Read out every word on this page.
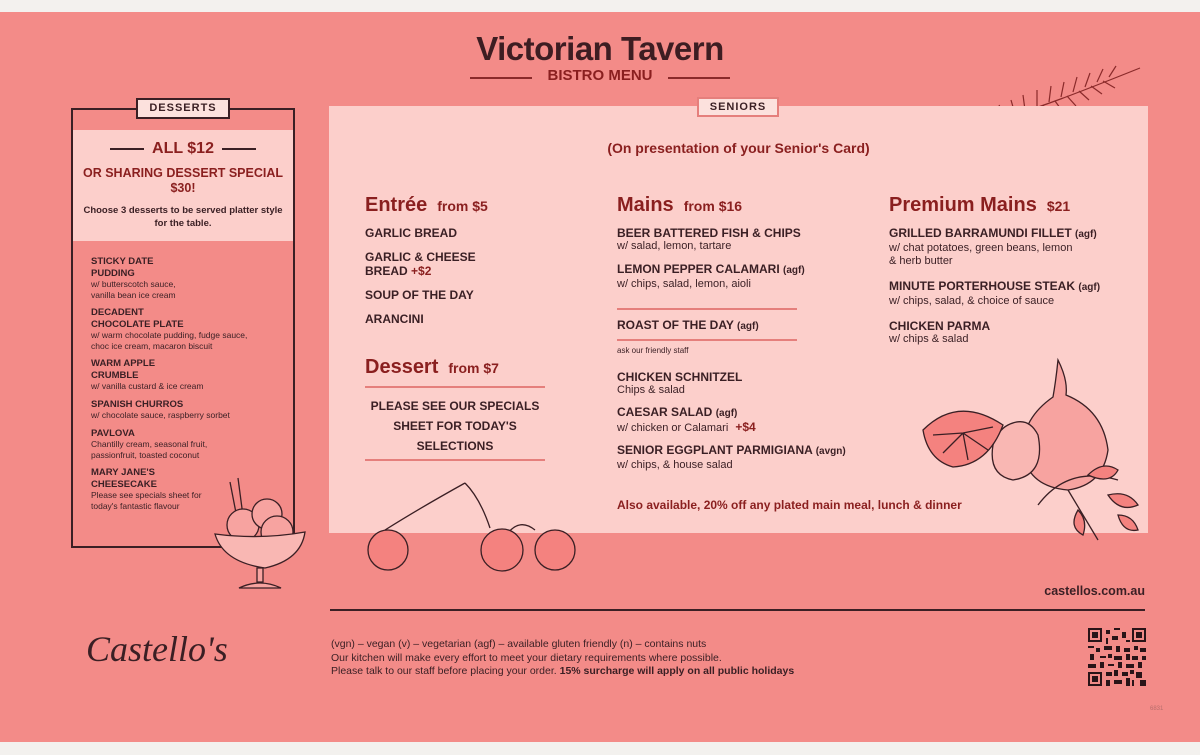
Victorian Tavern
BISTRO MENU
DESSERTS
ALL $12
OR SHARING DESSERT SPECIAL $30!
Choose 3 desserts to be served platter style for the table.
STICKY DATE PUDDING
w/ butterscotch sauce, vanilla bean ice cream
DECADENT CHOCOLATE PLATE
w/ warm chocolate pudding, fudge sauce, choc ice cream, macaron biscuit
WARM APPLE CRUMBLE
w/ vanilla custard & ice cream
SPANISH CHURROS
w/ chocolate sauce, raspberry sorbet
PAVLOVA
Chantilly cream, seasonal fruit, passionfruit, toasted coconut
MARY JANE'S CHEESECAKE
Please see specials sheet for today's fantastic flavour
SENIORS
(On presentation of your Senior's Card)
Entrée from $5
GARLIC BREAD
GARLIC & CHEESE BREAD +$2
SOUP OF THE DAY
ARANCINI
Dessert from $7
PLEASE SEE OUR SPECIALS SHEET FOR TODAY'S SELECTIONS
Mains from $16
BEER BATTERED FISH & CHIPS
w/ salad, lemon, tartare
LEMON PEPPER CALAMARI (agf)
w/ chips, salad, lemon, aioli
ROAST OF THE DAY (agf)
ask our friendly staff
CHICKEN SCHNITZEL
Chips & salad
CAESAR SALAD (agf)
w/ chicken or Calamari +$4
SENIOR EGGPLANT PARMIGIANA (avgn)
w/ chips, & house salad
Premium Mains $21
GRILLED BARRAMUNDI FILLET (agf)
w/ chat potatoes, green beans, lemon & herb butter
MINUTE PORTERHOUSE STEAK (agf)
w/ chips, salad, & choice of sauce
CHICKEN PARMA
w/ chips & salad
Also available, 20% off any plated main meal, lunch & dinner
castellos.com.au
Castello's	(vgn) – vegan (v) – vegetarian (agf) – available gluten friendly (n) – contains nuts
Our kitchen will make every effort to meet your dietary requirements where possible.
Please talk to our staff before placing your order. 15% surcharge will apply on all public holidays
6831
